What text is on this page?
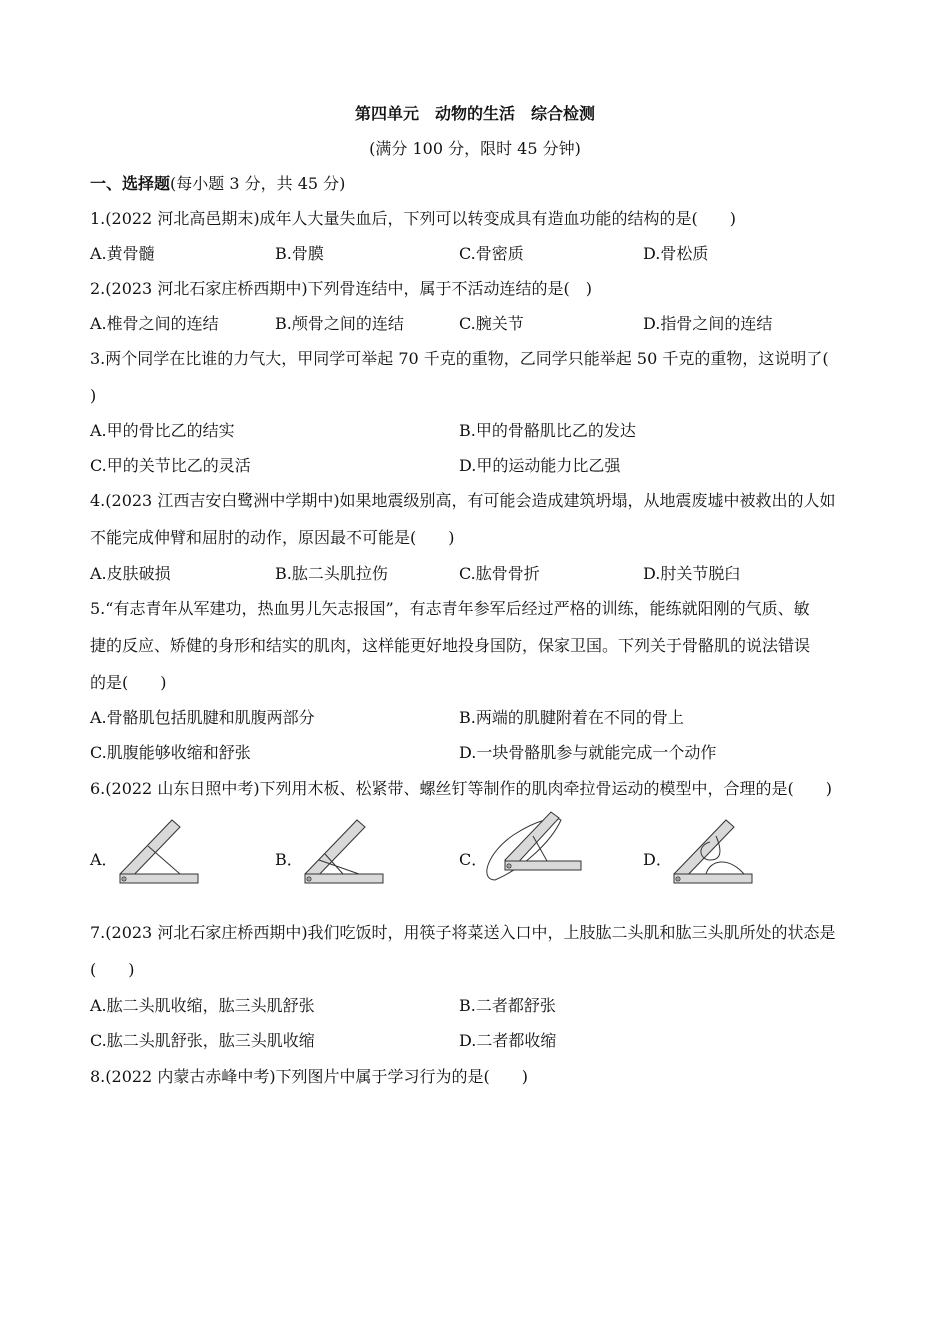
第四单元　动物的生活　综合检测
(满分 100 分，限时 45 分钟)
一、选择题(每小题 3 分，共 45 分)
1.(2022 河北高邑期末)成年人大量失血后，下列可以转变成具有造血功能的结构的是(　　)
A.黄骨髓	B.骨膜	C.骨密质	D.骨松质
2.(2023 河北石家庄桥西期中)下列骨连结中，属于不活动连结的是(　)
A.椎骨之间的连结	B.颅骨之间的连结	C.腕关节	D.指骨之间的连结
3.两个同学在比谁的力气大，甲同学可举起 70 千克的重物，乙同学只能举起 50 千克的重物，这说明了(
)
A.甲的骨比乙的结实	B.甲的骨骼肌比乙的发达
C.甲的关节比乙的灵活	D.甲的运动能力比乙强
4.(2023 江西吉安白鹭洲中学期中)如果地震级别高，有可能会造成建筑坍塌，从地震废墟中被救出的人如
不能完成伸臂和屈肘的动作，原因最不可能是(　　)
A.皮肤破损	B.肱二头肌拉伤	C.肱骨骨折	D.肘关节脱臼
5.“有志青年从军建功，热血男儿矢志报国”，有志青年参军后经过严格的训练，能练就阳刚的气质、敏
捷的反应、矫健的身形和结实的肌肉，这样能更好地投身国防，保家卫国。下列关于骨骼肌的说法错误
的是(　　)
A.骨骼肌包括肌腱和肌腹两部分	B.两端的肌腱附着在不同的骨上
C.肌腹能够收缩和舒张	D.一块骨骼肌参与就能完成一个动作
6.(2022 山东日照中考)下列用木板、松紧带、螺丝钉等制作的肌肉牵拉骨运动的模型中，合理的是(　　)
A．	B．	C．	D．
7.(2023 河北石家庄桥西期中)我们吃饭时，用筷子将菜送入口中，上肢肱二头肌和肱三头肌所处的状态是
(　　)
A.肱二头肌收缩，肱三头肌舒张	B.二者都舒张
C.肱二头肌舒张，肱三头肌收缩	D.二者都收缩
8.(2022 内蒙古赤峰中考)下列图片中属于学习行为的是(　　)
